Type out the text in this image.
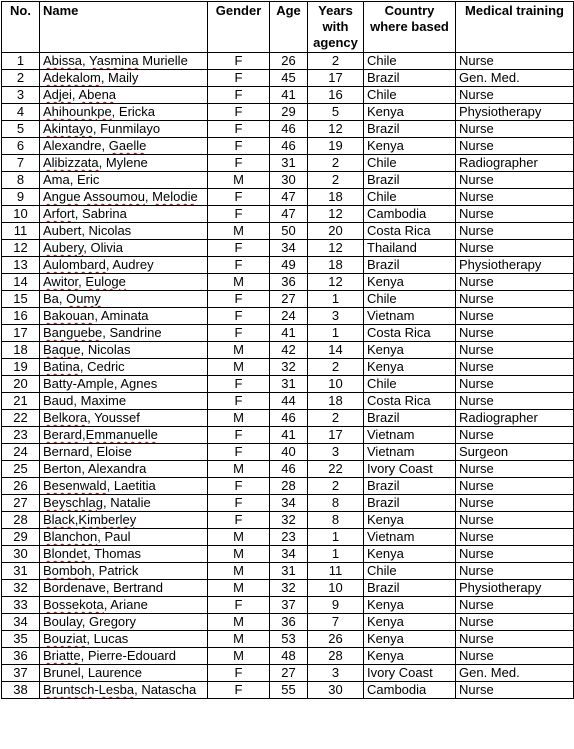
No.	Name	Gender	Age	Years with agency	Country where based	Medical training
1	Abissa, Yasmina Murielle	F	26	2	Chile	Nurse
2	Adekalom, Maily	F	45	17	Brazil	Gen. Med.
3	Adjei, Abena	F	41	16	Chile	Nurse
4	Ahihounkpe, Ericka	F	29	5	Kenya	Physiotherapy
5	Akintayo, Funmilayo	F	46	12	Brazil	Nurse
6	Alexandre, Gaelle	F	46	19	Kenya	Nurse
7	Alibizzata, Mylene	F	31	2	Chile	Radiographer
8	Ama, Eric	M	30	2	Brazil	Nurse
9	Angue Assoumou, Melodie	F	47	18	Chile	Nurse
10	Arfort, Sabrina	F	47	12	Cambodia	Nurse
11	Aubert, Nicolas	M	50	20	Costa Rica	Nurse
12	Aubery, Olivia	F	34	12	Thailand	Nurse
13	Aulombard, Audrey	F	49	18	Brazil	Physiotherapy
14	Awitor, Euloge	M	36	12	Kenya	Nurse
15	Ba, Oumy	F	27	1	Chile	Nurse
16	Bakouan, Aminata	F	24	3	Vietnam	Nurse
17	Banguebe, Sandrine	F	41	1	Costa Rica	Nurse
18	Baque, Nicolas	M	42	14	Kenya	Nurse
19	Batina, Cedric	M	32	2	Kenya	Nurse
20	Batty-Ample, Agnes	F	31	10	Chile	Nurse
21	Baud, Maxime	F	44	18	Costa Rica	Nurse
22	Belkora, Youssef	M	46	2	Brazil	Radiographer
23	Berard,Emmanuelle	F	41	17	Vietnam	Nurse
24	Bernard, Eloise	F	40	3	Vietnam	Surgeon
25	Berton, Alexandra	M	46	22	Ivory Coast	Nurse
26	Besenwald, Laetitia	F	28	2	Brazil	Nurse
27	Beyschlag, Natalie	F	34	8	Brazil	Nurse
28	Black,Kimberley	F	32	8	Kenya	Nurse
29	Blanchon, Paul	M	23	1	Vietnam	Nurse
30	Blondet, Thomas	M	34	1	Kenya	Nurse
31	Bomboh, Patrick	M	31	11	Chile	Nurse
32	Bordenave, Bertrand	M	32	10	Brazil	Physiotherapy
33	Bossekota, Ariane	F	37	9	Kenya	Nurse
34	Boulay, Gregory	M	36	7	Kenya	Nurse
35	Bouziat, Lucas	M	53	26	Kenya	Nurse
36	Briatte, Pierre-Edouard	M	48	28	Kenya	Nurse
37	Brunel, Laurence	F	27	3	Ivory Coast	Gen. Med.
38	Bruntsch-Lesba, Natascha	F	55	30	Cambodia	Nurse
